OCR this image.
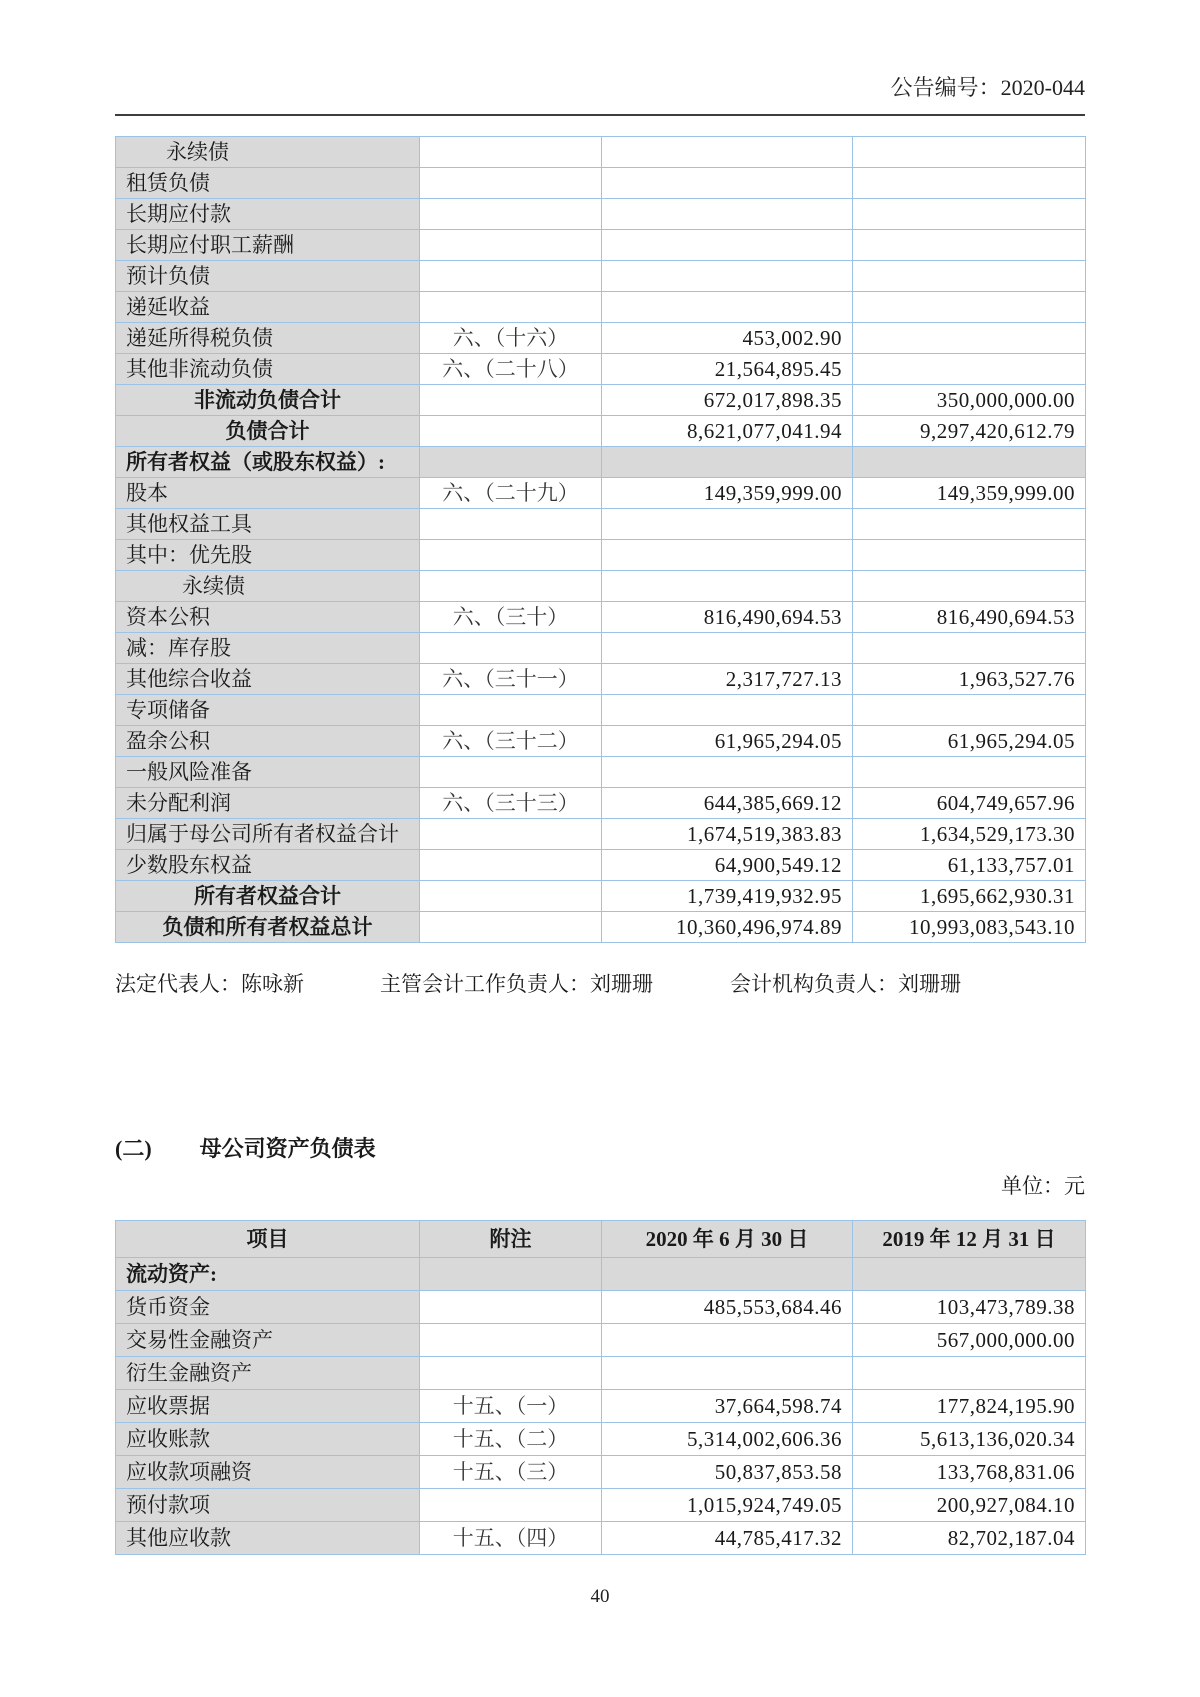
公告编号：2020-044
永续债			
租赁负债			
长期应付款			
长期应付职工薪酬			
预计负债			
递延收益			
递延所得税负债	六、（十六）	453,002.90	
其他非流动负债	六、（二十八）	21,564,895.45	
非流动负债合计		672,017,898.35	350,000,000.00
负债合计		8,621,077,041.94	9,297,420,612.79
所有者权益（或股东权益）:			
股本	六、（二十九）	149,359,999.00	149,359,999.00
其他权益工具			
其中：优先股			
永续债			
资本公积	六、（三十）	816,490,694.53	816,490,694.53
减：库存股			
其他综合收益	六、（三十一）	2,317,727.13	1,963,527.76
专项储备			
盈余公积	六、（三十二）	61,965,294.05	61,965,294.05
一般风险准备			
未分配利润	六、（三十三）	644,385,669.12	604,749,657.96
归属于母公司所有者权益合计		1,674,519,383.83	1,634,529,173.30
少数股东权益		64,900,549.12	61,133,757.01
所有者权益合计		1,739,419,932.95	1,695,662,930.31
负债和所有者权益总计		10,360,496,974.89	10,993,083,543.10
法定代表人：陈咏新	主管会计工作负责人：刘珊珊	会计机构负责人：刘珊珊
(二) 母公司资产负债表
单位：元
项目	附注	2020 年 6 月 30 日	2019 年 12 月 31 日
流动资产:			
货币资金		485,553,684.46	103,473,789.38
交易性金融资产			567,000,000.00
衍生金融资产			
应收票据	十五、（一）	37,664,598.74	177,824,195.90
应收账款	十五、（二）	5,314,002,606.36	5,613,136,020.34
应收款项融资	十五、（三）	50,837,853.58	133,768,831.06
预付款项		1,015,924,749.05	200,927,084.10
其他应收款	十五、（四）	44,785,417.32	82,702,187.04
40
